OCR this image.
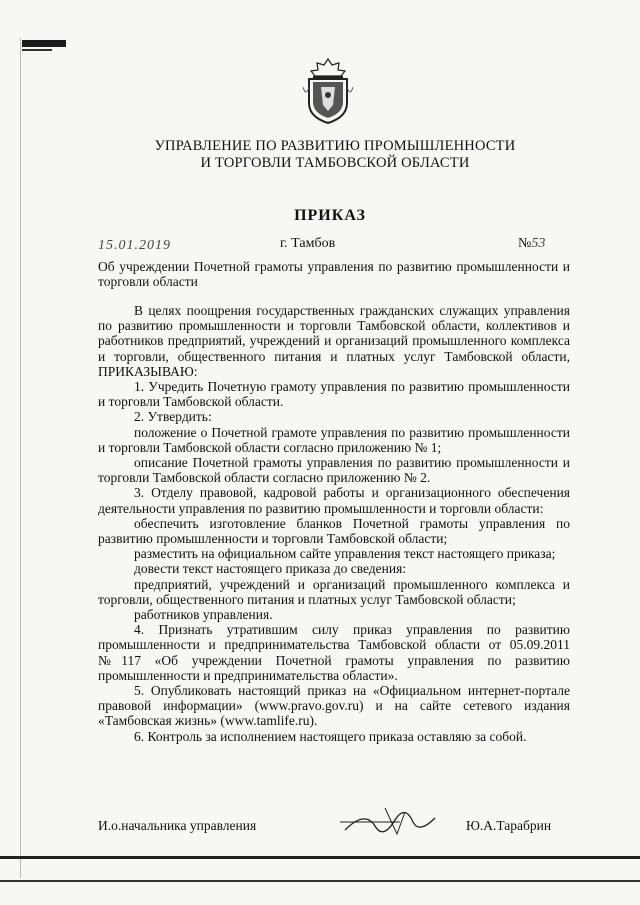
УПРАВЛЕНИЕ ПО РАЗВИТИЮ ПРОМЫШЛЕННОСТИ
И ТОРГОВЛИ ТАМБОВСКОЙ ОБЛАСТИ
ПРИКАЗ
15.01.2019	г. Тамбов	№53
Об учреждении Почетной грамоты управления по развитию промышленности и торговли области

В целях поощрения государственных гражданских служащих управления по развитию промышленности и торговли Тамбовской области, коллективов и работников предприятий, учреждений и организаций промышленного комплекса и торговли, общественного питания и платных услуг Тамбовской области, ПРИКАЗЫВАЮ:

1. Учредить Почетную грамоту управления по развитию промышленности и торговли Тамбовской области.

2. Утвердить:

положение о Почетной грамоте управления по развитию промышленности и торговли Тамбовской области согласно приложению № 1;

описание Почетной грамоты управления по развитию промышленности и торговли Тамбовской области согласно приложению № 2.

3. Отделу правовой, кадровой работы и организационного обеспечения деятельности управления по развитию промышленности и торговли области:

обеспечить изготовление бланков Почетной грамоты управления по развитию промышленности и торговли Тамбовской области;

разместить на официальном сайте управления текст настоящего приказа;

довести текст настоящего приказа до сведения:

предприятий, учреждений и организаций промышленного комплекса и торговли, общественного питания и платных услуг Тамбовской области;

работников управления.

4. Признать утратившим силу приказ управления по развитию промышленности и предпринимательства Тамбовской области от 05.09.2011 №117 «Об учреждении Почетной грамоты управления по развитию промышленности и предпринимательства области».

5. Опубликовать настоящий приказ на «Официальном интернет-портале правовой информации» (www.pravo.gov.ru) и на сайте сетевого издания «Тамбовская жизнь» (www.tamlife.ru).

6. Контроль за исполнением настоящего приказа оставляю за собой.

И.о.начальника управления	Ю.А.Тарабрин
